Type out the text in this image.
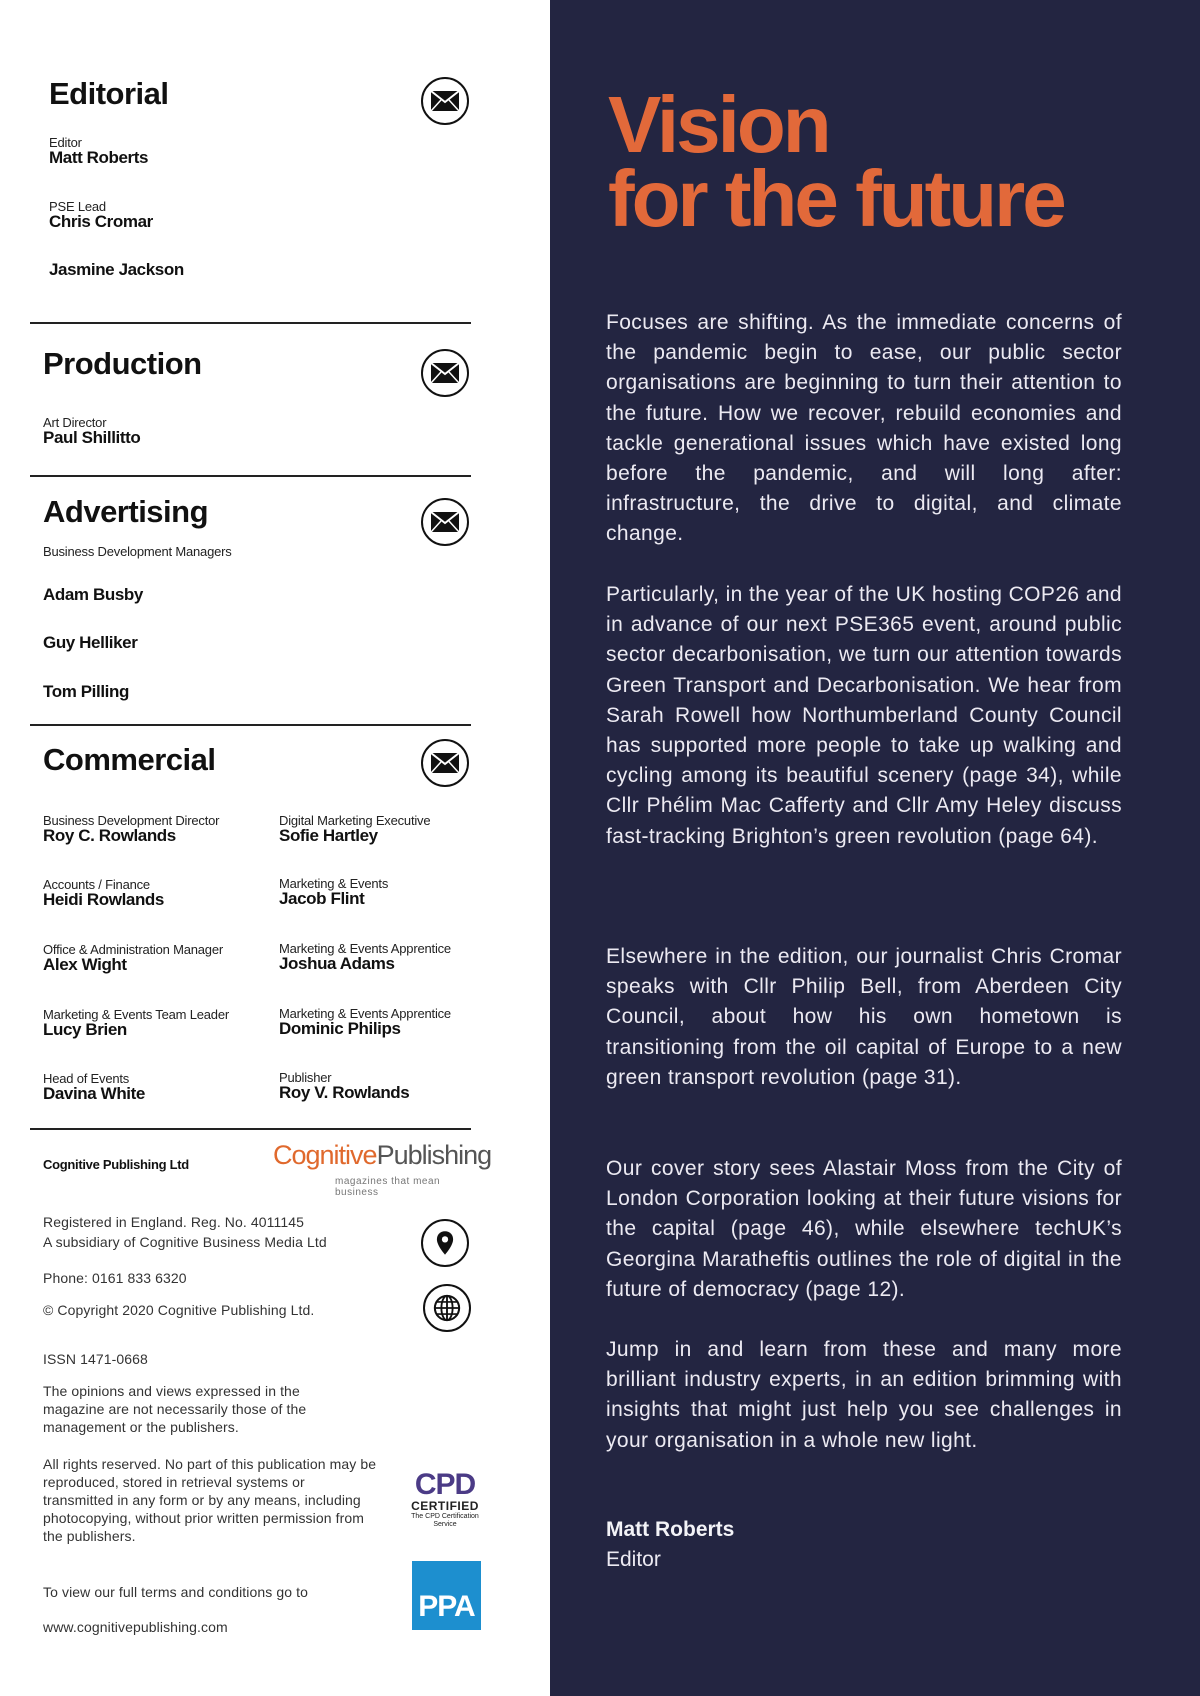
Editorial
Editor
Matt Roberts
PSE Lead
Chris Cromar
Jasmine Jackson
Production
Art Director
Paul Shillitto
Advertising
Business Development Managers
Adam Busby
Guy Helliker
Tom Pilling
Commercial
Business Development Director
Roy C. Rowlands
Accounts / Finance
Heidi Rowlands
Office & Administration Manager
Alex Wight
Marketing & Events Team Leader
Lucy Brien
Head of Events
Davina White
Digital Marketing Executive
Sofie Hartley
Marketing & Events
Jacob Flint
Marketing & Events Apprentice
Joshua Adams
Marketing & Events Apprentice
Dominic Philips
Publisher
Roy V. Rowlands
Cognitive Publishing Ltd	CognitivePublishing
magazines that mean business
Registered in England. Reg. No. 4011145
A subsidiary of Cognitive Business Media Ltd
Phone: 0161 833 6320
© Copyright 2020 Cognitive Publishing Ltd.
ISSN 1471-0668
The opinions and views expressed in the magazine are not necessarily those of the management or the publishers.
All rights reserved. No part of this publication may be reproduced, stored in retrieval systems or transmitted in any form or by any means, including photocopying, without prior written permission from the publishers.
CPD
CERTIFIED
The CPD Certification Service
To view our full terms and conditions go to
www.cognitivepublishing.com
PPA
Vision
for the future

Focuses are shifting. As the immediate concerns of the pandemic begin to ease, our public sector organisations are beginning to turn their attention to the future. How we recover, rebuild economies and tackle generational issues which have existed long before the pandemic, and will long after: infrastructure, the drive to digital, and climate change.

Particularly, in the year of the UK hosting COP26 and in advance of our next PSE365 event, around public sector decarbonisation, we turn our attention towards Green Transport and Decarbonisation. We hear from Sarah Rowell how Northumberland County Council has supported more people to take up walking and cycling among its beautiful scenery (page 34), while Cllr Phélim Mac Cafferty and Cllr Amy Heley discuss fast-tracking Brighton’s green revolution (page 64).

Elsewhere in the edition, our journalist Chris Cromar speaks with Cllr Philip Bell, from Aberdeen City Council, about how his own hometown is transitioning from the oil capital of Europe to a new green transport revolution (page 31).

Our cover story sees Alastair Moss from the City of London Corporation looking at their future visions for the capital (page 46), while elsewhere techUK’s Georgina Maratheftis outlines the role of digital in the future of democracy (page 12).

Jump in and learn from these and many more brilliant industry experts, in an edition brimming with insights that might just help you see challenges in your organisation in a whole new light.

Matt Roberts
Editor
